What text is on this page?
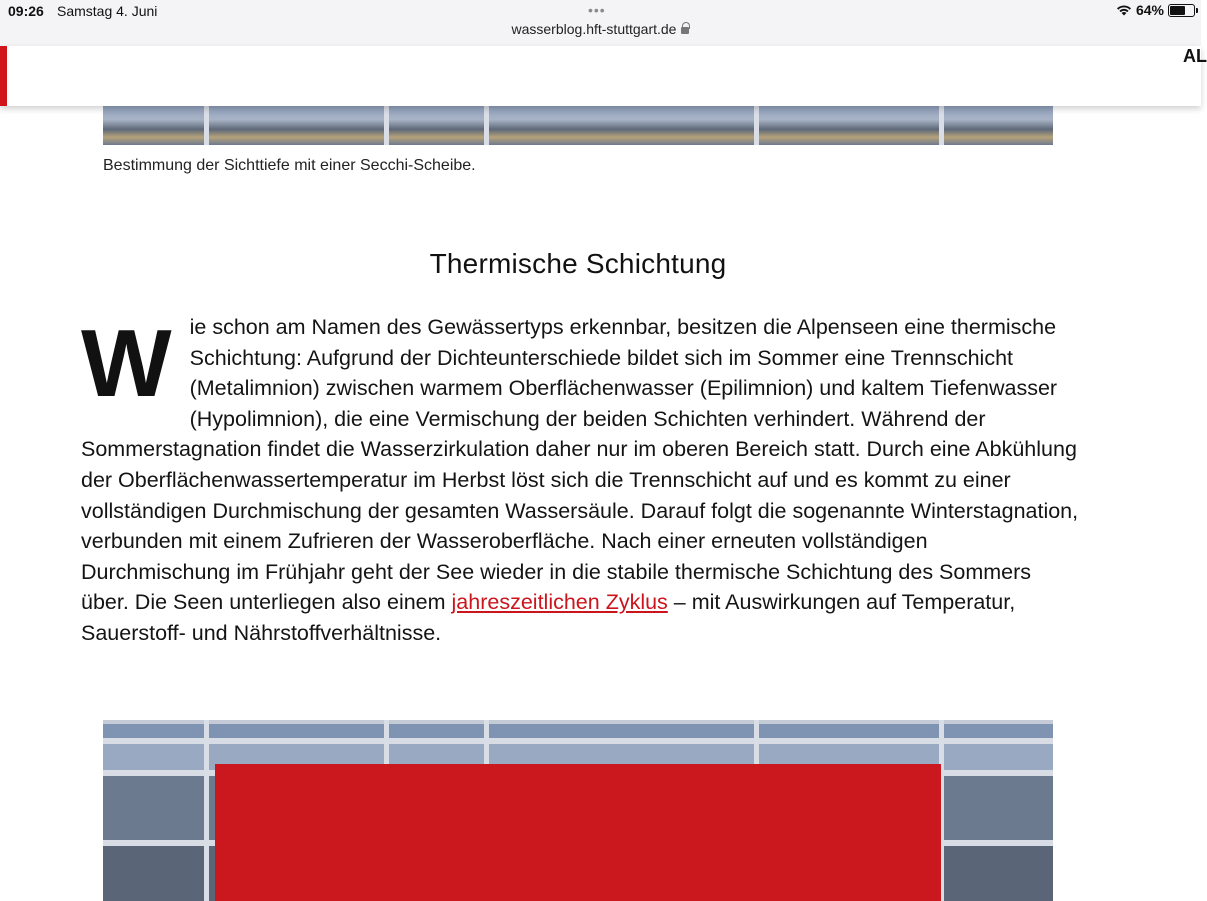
09:26 Samstag 4. Juni	•••	64%
wasserblog.hft-stuttgart.de
AL
Bestimmung der Sichttiefe mit einer Secchi-Scheibe.
Thermische Schichtung

Wie schon am Namen des Gewässertyps erkennbar, besitzen die Alpenseen eine thermische Schichtung: Aufgrund der Dichteunterschiede bildet sich im Sommer eine Trennschicht (Metalimnion) zwischen warmem Oberflächenwasser (Epilimnion) und kaltem Tiefenwasser (Hypolimnion), die eine Vermischung der beiden Schichten verhindert. Während der Sommerstagnation findet die Wasserzirkulation daher nur im oberen Bereich statt. Durch eine Abkühlung der Oberflächenwassertemperatur im Herbst löst sich die Trennschicht auf und es kommt zu einer vollständigen Durchmischung der gesamten Wassersäule. Darauf folgt die sogenannte Winterstagnation, verbunden mit einem Zufrieren der Wasseroberfläche. Nach einer erneuten vollständigen Durchmischung im Frühjahr geht der See wieder in die stabile thermische Schichtung des Sommers über. Die Seen unterliegen also einem jahreszeitlichen Zyklus – mit Auswirkungen auf Temperatur, Sauerstoff- und Nährstoffverhältnisse.
